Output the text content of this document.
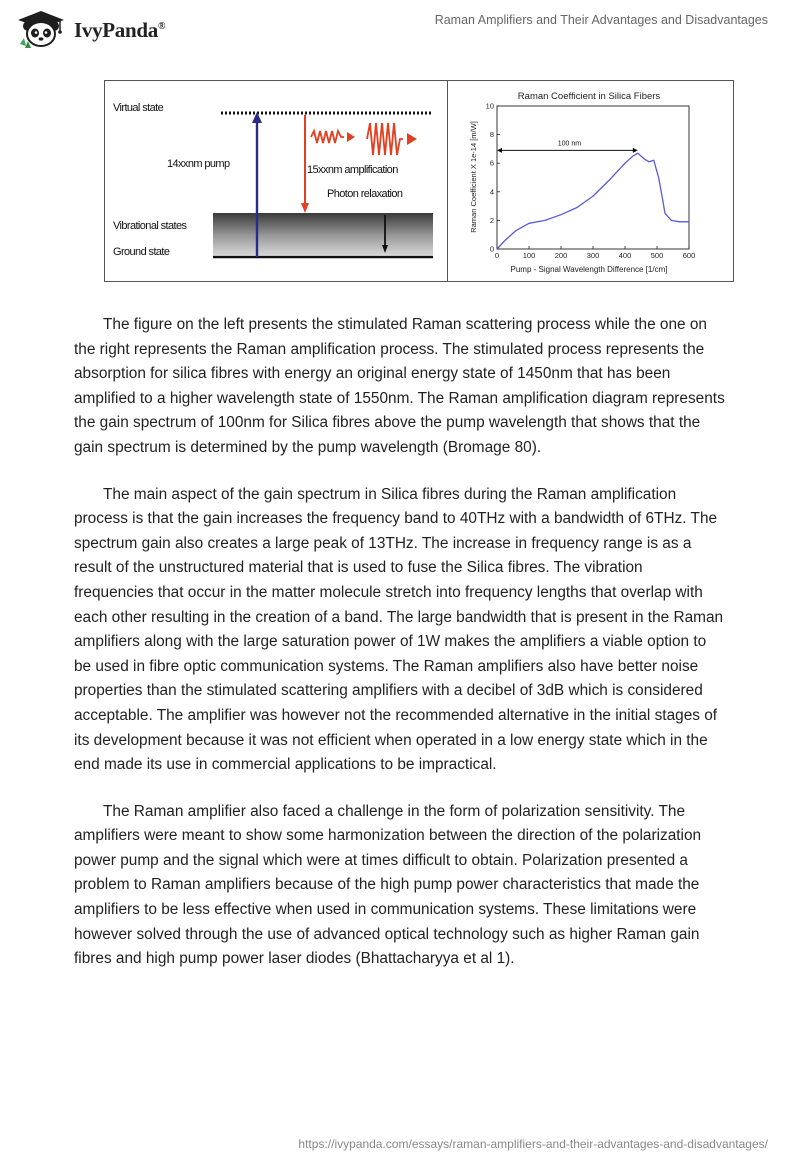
IvyPanda®	Raman Amplifiers and Their Advantages and Disadvantages
Virtual state
Vibrational states
Ground state
14xxnm pump	15xxnm amplification
Photon relaxation
Raman Coefficient in Silica Fibers
Raman Coefficient X 1e-14 [m/W]
Pump - Signal Wavelength Difference [1/cm]
0	100	200	300	400	500	600
0
2
4
6
8
10
100 nm

The figure on the left presents the stimulated Raman scattering process while the one on the right represents the Raman amplification process. The stimulated process represents the absorption for silica fibres with energy an original energy state of 1450nm that has been amplified to a higher wavelength state of 1550nm. The Raman amplification diagram represents the gain spectrum of 100nm for Silica fibres above the pump wavelength that shows that the gain spectrum is determined by the pump wavelength (Bromage 80).

The main aspect of the gain spectrum in Silica fibres during the Raman amplification process is that the gain increases the frequency band to 40THz with a bandwidth of 6THz. The spectrum gain also creates a large peak of 13THz. The increase in frequency range is as a result of the unstructured material that is used to fuse the Silica fibres. The vibration frequencies that occur in the matter molecule stretch into frequency lengths that overlap with each other resulting in the creation of a band. The large bandwidth that is present in the Raman amplifiers along with the large saturation power of 1W makes the amplifiers a viable option to be used in fibre optic communication systems. The Raman amplifiers also have better noise properties than the stimulated scattering amplifiers with a decibel of 3dB which is considered acceptable. The amplifier was however not the recommended alternative in the initial stages of its development because it was not efficient when operated in a low energy state which in the end made its use in commercial applications to be impractical.

The Raman amplifier also faced a challenge in the form of polarization sensitivity. The amplifiers were meant to show some harmonization between the direction of the polarization power pump and the signal which were at times difficult to obtain. Polarization presented a problem to Raman amplifiers because of the high pump power characteristics that made the amplifiers to be less effective when used in communication systems. These limitations were however solved through the use of advanced optical technology such as higher Raman gain fibres and high pump power laser diodes (Bhattacharyya et al 1).

https://ivypanda.com/essays/raman-amplifiers-and-their-advantages-and-disadvantages/
